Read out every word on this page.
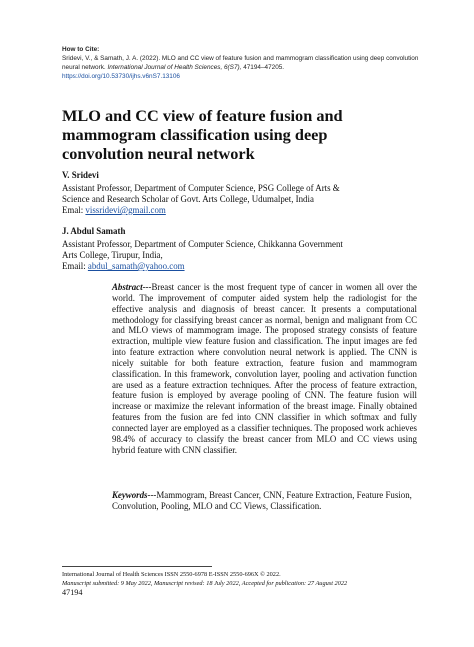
How to Cite:
Sridevi, V., & Samath, J. A. (2022). MLO and CC view of feature fusion and mammogram classification using deep convolution neural network. International Journal of Health Sciences, 6(S7), 47194–47205.
https://doi.org/10.53730/ijhs.v6nS7.13106
MLO and CC view of feature fusion and mammogram classification using deep convolution neural network
V. Sridevi
Assistant Professor, Department of Computer Science, PSG College of Arts &
Science and Research Scholar of Govt. Arts College, Udumalpet, India
Emal: vissridevi@gmail.com
J. Abdul Samath
Assistant Professor, Department of Computer Science, Chikkanna Government
Arts College, Tirupur, India,
Email: abdul_samath@yahoo.com

Abstract---Breast cancer is the most frequent type of cancer in women all over the world. The improvement of computer aided system help the radiologist for the effective analysis and diagnosis of breast cancer. It presents a computational methodology for classifying breast cancer as normal, benign and malignant from CC and MLO views of mammogram image. The proposed strategy consists of feature extraction, multiple view feature fusion and classification. The input images are fed into feature extraction where convolution neural network is applied. The CNN is nicely suitable for both feature extraction, feature fusion and mammogram classification. In this framework, convolution layer, pooling and activation function are used as a feature extraction techniques. After the process of feature extraction, feature fusion is employed by average pooling of CNN. The feature fusion will increase or maximize the relevant information of the breast image. Finally obtained features from the fusion are fed into CNN classifier in which softmax and fully connected layer are employed as a classifier techniques. The proposed work achieves 98.4% of accuracy to classify the breast cancer from MLO and CC views using hybrid feature with CNN classifier.

Keywords---Mammogram, Breast Cancer, CNN, Feature Extraction, Feature Fusion, Convolution, Pooling, MLO and CC Views, Classification.

International Journal of Health Sciences ISSN 2550-6978 E-ISSN 2550-696X © 2022.
Manuscript submitted: 9 May 2022, Manuscript revised: 18 July 2022, Accepted for publication: 27 August 2022
47194
